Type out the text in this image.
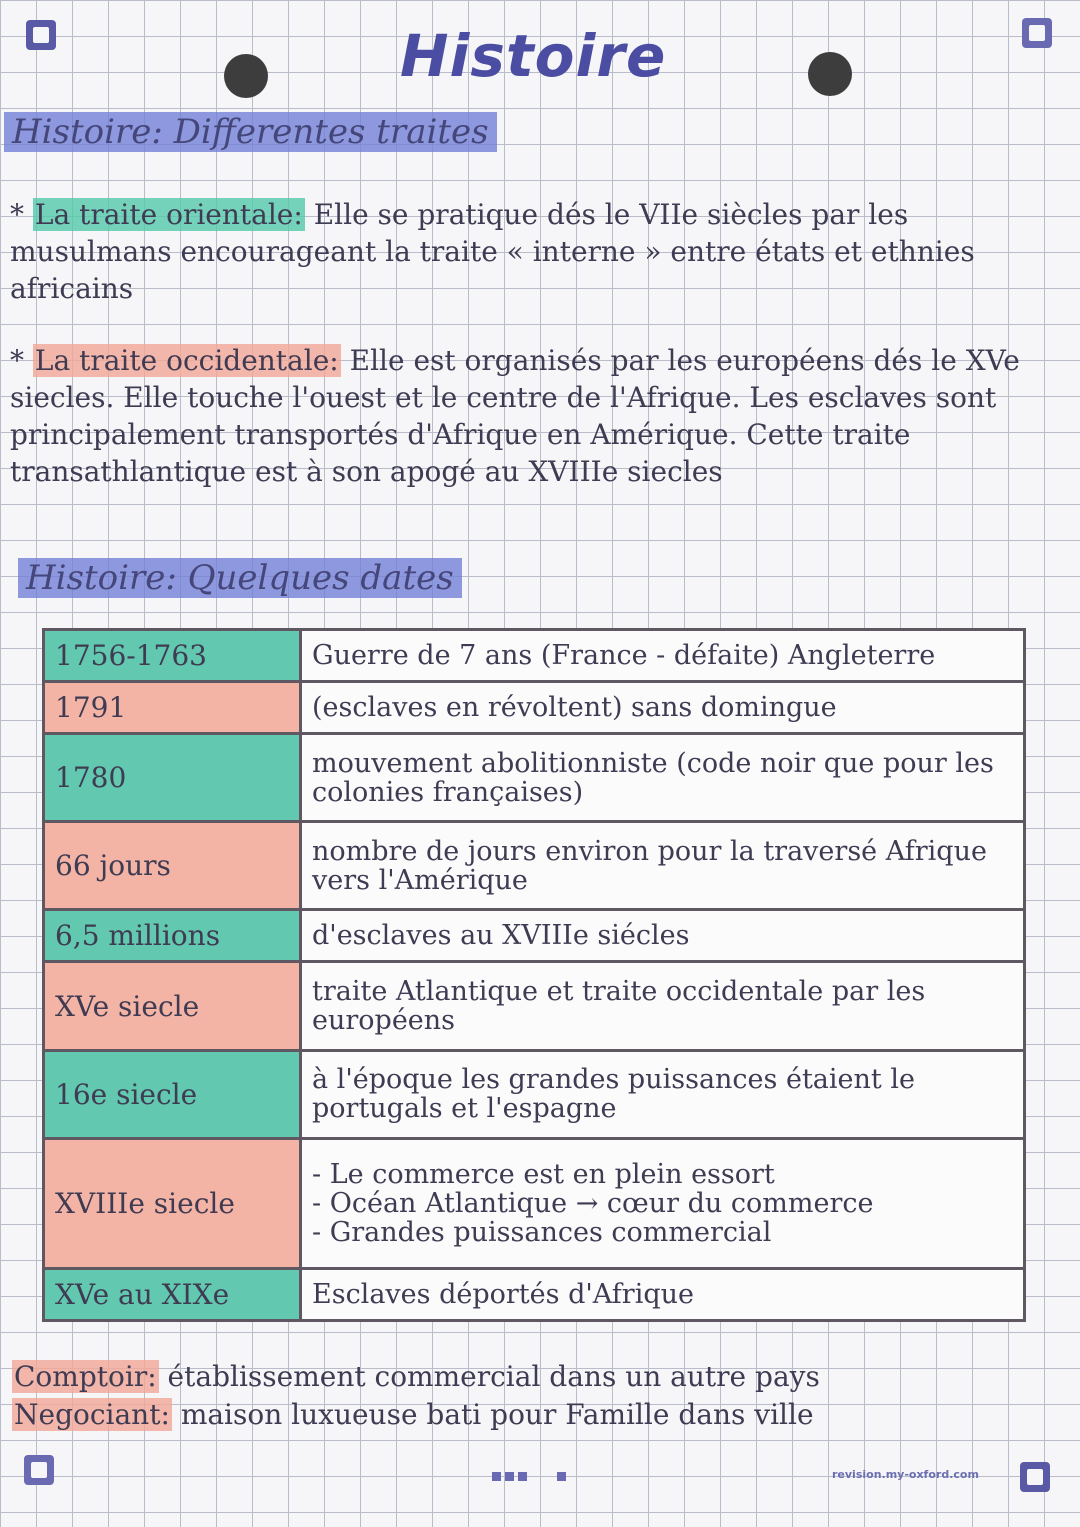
Histoire
Histoire: Differentes traites
* La traite orientale: Elle se pratique dés le VIIe siècles par les musulmans encourageant la traite « interne » entre états et ethnies africains
* La traite occidentale: Elle est organisés par les européens dés le XVe siecles. Elle touche l'ouest et le centre de l'Afrique. Les esclaves sont principalement transportés d'Afrique en Amérique. Cette traite transathlantique est à son apogé au XVIIIe siecles
Histoire: Quelques dates
1756-1763	Guerre de 7 ans (France - défaite) Angleterre
1791	(esclaves en révoltent) sans domingue
1780	mouvement abolitionniste (code noir que pour les colonies françaises)
66 jours	nombre de jours environ pour la traversé Afrique vers l'Amérique
6,5 millions	d'esclaves au XVIIIe siécles
XVe siecle	traite Atlantique et traite occidentale par les européens
16e siecle	à l'époque les grandes puissances étaient le portugals et l'espagne
XVIIIe siecle	- Le commerce est en plein essort
- Océan Atlantique → cœur du commerce
- Grandes puissances commercial

XVe au XIXe	Esclaves déportés d'Afrique
Comptoir: établissement commercial dans un autre pays
Negociant: maison luxueuse bati pour Famille dans ville
revision.my-oxford.com
